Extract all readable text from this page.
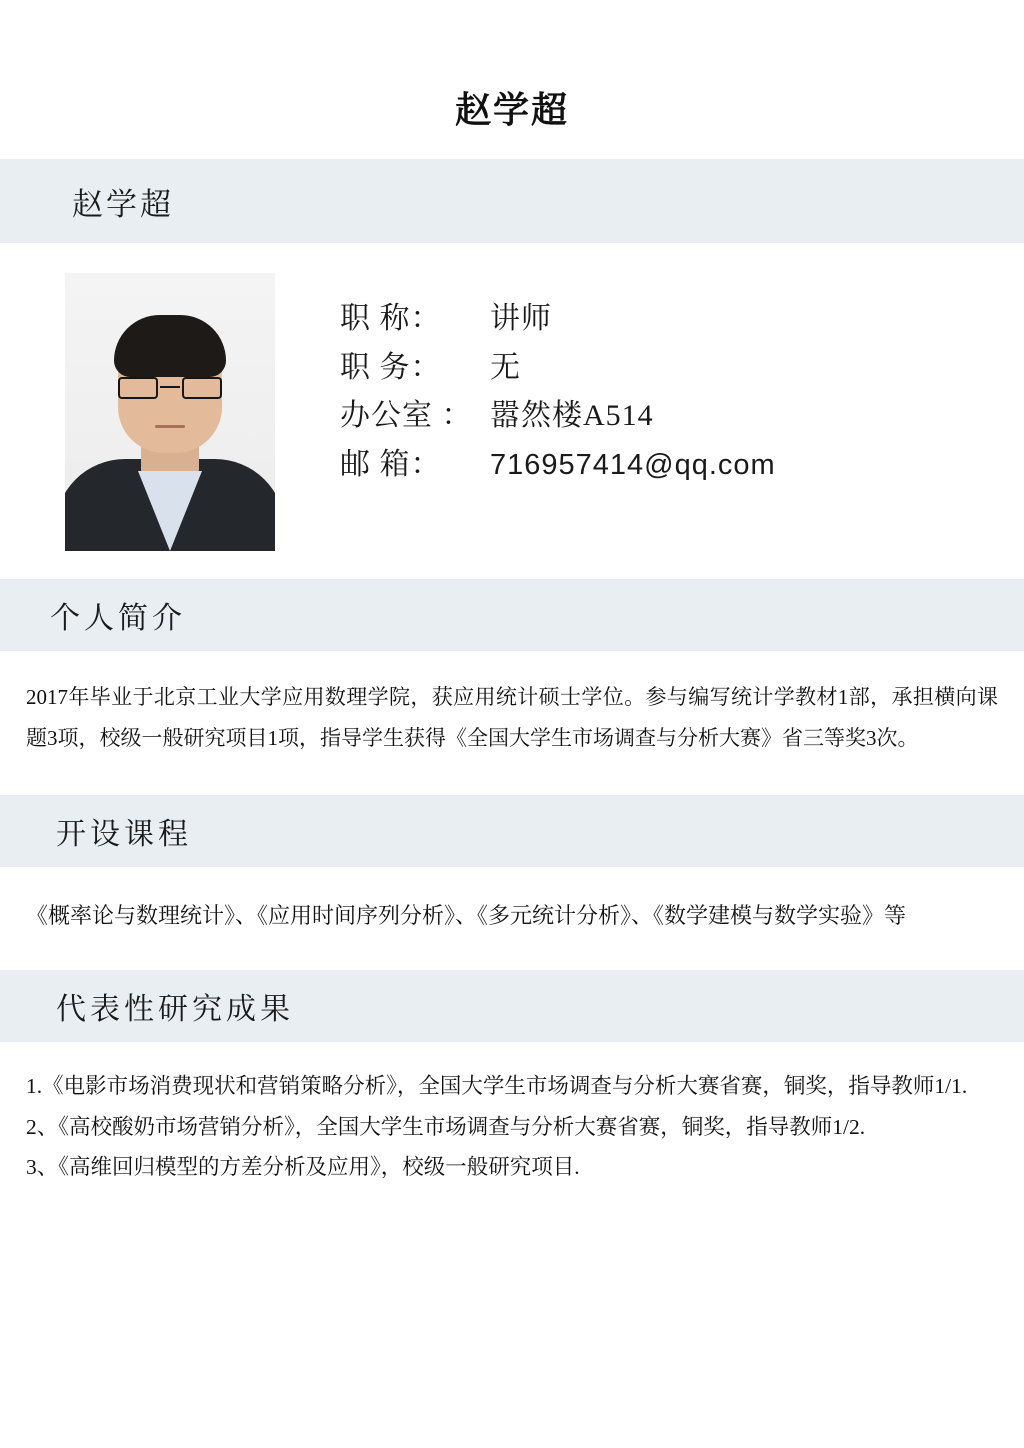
赵学超
赵学超
职 称：	讲师
职 务：	无
办公室 ： 嚣然楼A514
邮 箱：	716957414@qq.com
个人简介
2017年毕业于北京工业大学应用数理学院，获应用统计硕士学位。参与编写统计学教材1部，承担横向课题3项，校级一般研究项目1项，指导学生获得《全国大学生市场调查与分析大赛》省三等奖3次。
开设课程
《概率论与数理统计》、《应用时间序列分析》、《多元统计分析》、《数学建模与数学实验》等
代表性研究成果
1.《电影市场消费现状和营销策略分析》，全国大学生市场调查与分析大赛省赛，铜奖，指导教师1/1.
2、《高校酸奶市场营销分析》，全国大学生市场调查与分析大赛省赛，铜奖，指导教师1/2.
3、《高维回归模型的方差分析及应用》，校级一般研究项目.
